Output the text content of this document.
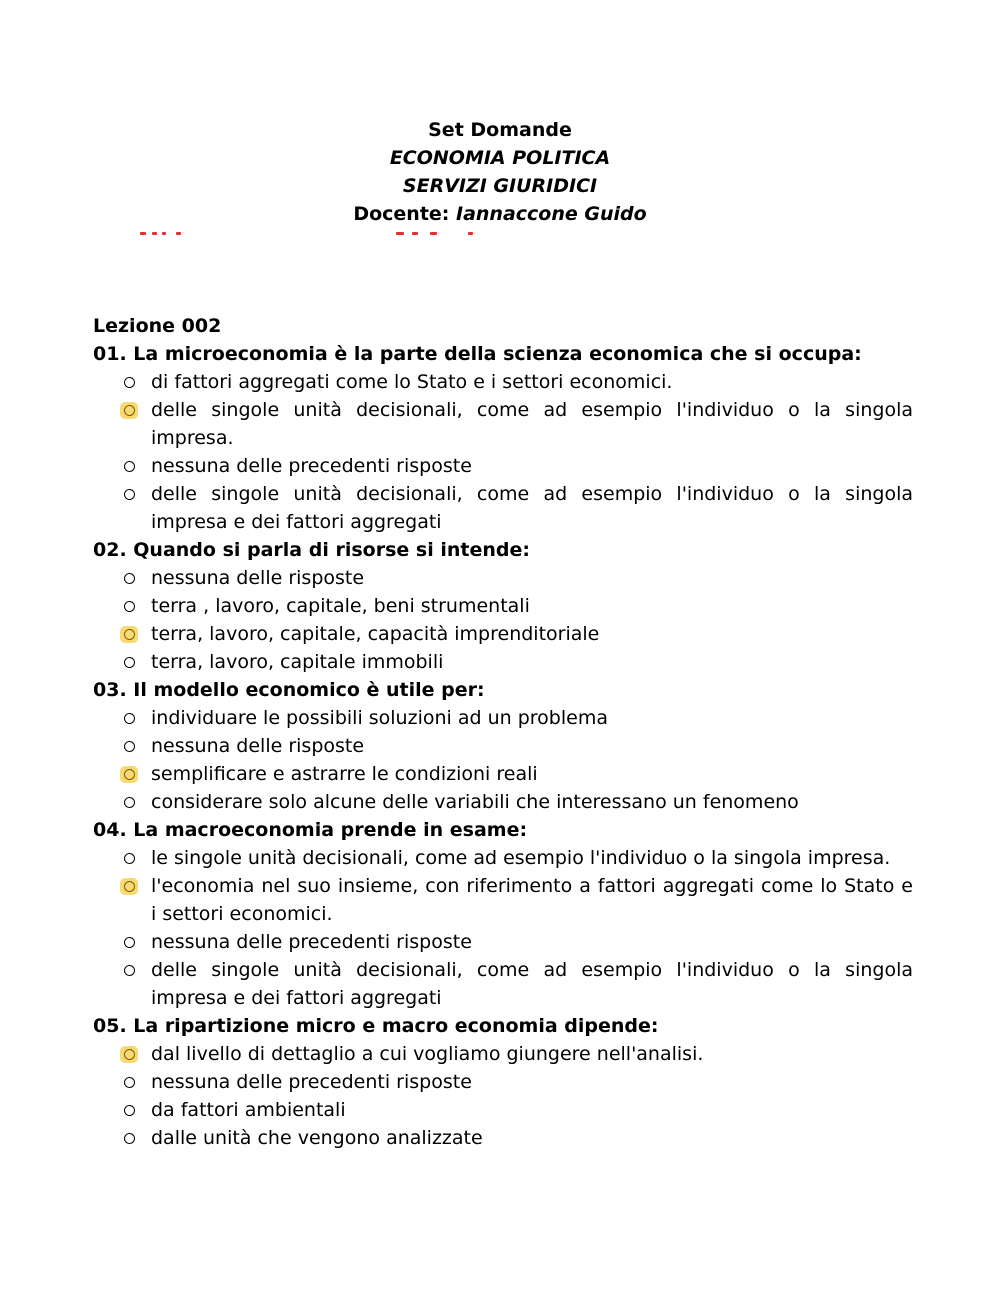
Set Domande
ECONOMIA POLITICA
SERVIZI GIURIDICI
Docente: Iannaccone Guido
Lezione 002
01. La microeconomia è la parte della scienza economica che si occupa:
di fattori aggregati come lo Stato e i settori economici.
delle singole unità decisionali, come ad esempio l'individuo o la singola impresa.
nessuna delle precedenti risposte
delle singole unità decisionali, come ad esempio l'individuo o la singola impresa e dei fattori aggregati
02. Quando si parla di risorse si intende:
nessuna delle risposte
terra , lavoro, capitale, beni strumentali
terra, lavoro, capitale, capacità imprenditoriale
terra, lavoro, capitale immobili
03. Il modello economico è utile per:
individuare le possibili soluzioni ad un problema
nessuna delle risposte
semplificare e astrarre le condizioni reali
considerare solo alcune delle variabili che interessano un fenomeno
04. La macroeconomia prende in esame:
le singole unità decisionali, come ad esempio l'individuo o la singola impresa.
l'economia nel suo insieme, con riferimento a fattori aggregati come lo Stato e i settori economici.
nessuna delle precedenti risposte
delle singole unità decisionali, come ad esempio l'individuo o la singola impresa e dei fattori aggregati
05. La ripartizione micro e macro economia dipende:
dal livello di dettaglio a cui vogliamo giungere nell'analisi.
nessuna delle precedenti risposte
da fattori ambientali
dalle unità che vengono analizzate
